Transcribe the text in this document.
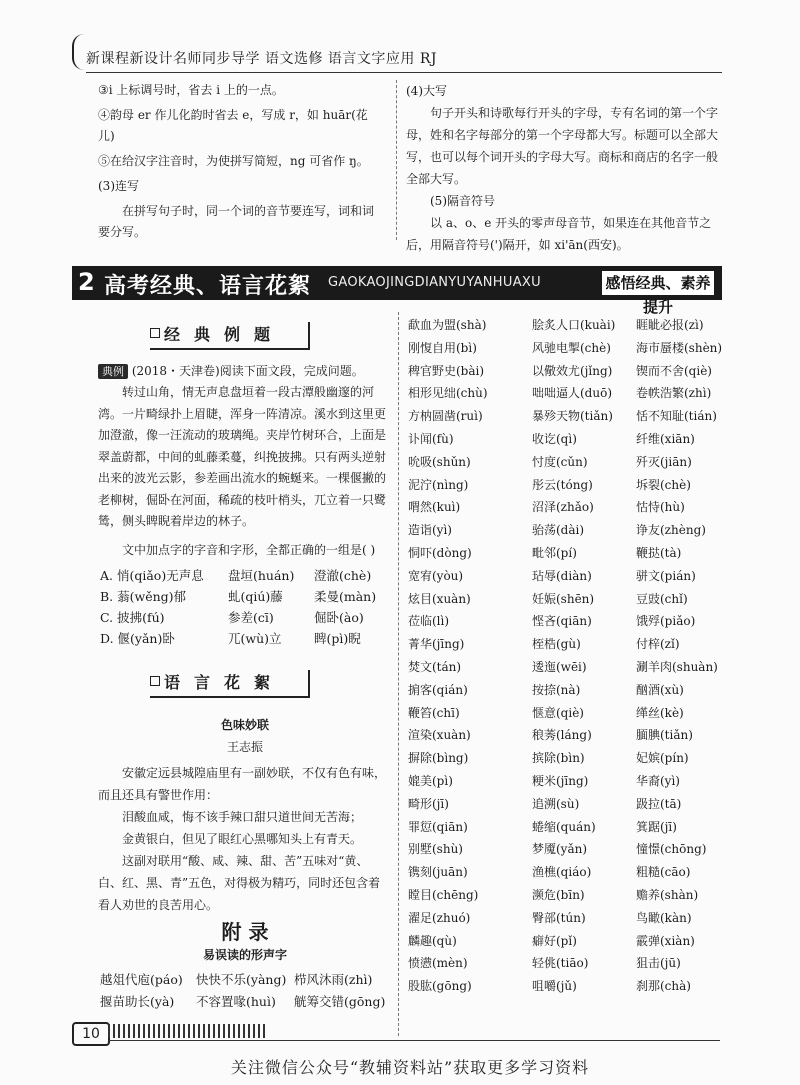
新课程新设计名师同步导学 语文选修 语言文字应用 RJ

③i 上标调号时，省去 i 上的一点。

④韵母 er 作儿化韵时省去 e，写成 r，如 huār(花儿)

⑤在给汉字注音时，为使拼写简短，ng 可省作 ŋ。

(3)连写

在拼写句子时，同一个词的音节要连写，词和词要分写。

(4)大写

句子开头和诗歌每行开头的字母，专有名词的第一个字母，姓和名字每部分的第一个字母都大写。标题可以全部大写，也可以每个词开头的字母大写。商标和商店的名字一般全部大写。

(5)隔音符号

以 a、o、e 开头的零声母音节，如果连在其他音节之后，用隔音符号(')隔开，如 xi'ān(西安)。

2 高考经典、语言花絮 GAOKAOJINGDIANYUYANHUAXU	感悟经典、素养提升
经典例题

典例 (2018・天津卷)阅读下面文段，完成问题。

转过山角，情无声息盘垣着一段古潭般幽邃的河湾。一片畸绿扑上眉睫，浑身一阵清凉。溪水到这里更加澄澈，像一汪流动的玻璃绳。夹岸竹树环合，上面是翠盖蔚都，中间的虬藤柔蔓，纠挽披拂。只有两头逆射出来的波光云影，参差画出流水的蜿蜒来。一棵偃撇的老柳树，倔卧在河面，稀疏的枝叶梢头，兀立着一只鹭鸶，侧头睥睨着岸边的林子。

文中加点字的字音和字形，全都正确的一组是( )

A. 悄(qiǎo)无声息 盘垣(huán) 澄澈(chè)
B. 蓊(wěng)郁	虬(qiú)藤 柔曼(màn)
C. 披拂(fú)	参差(cī)	倔卧(ào)
D. 偃(yǎn)卧	兀(wù)立	睥(pì)睨
语言花絮
色味妙联
王志振

安徽定远县城隍庙里有一副妙联，不仅有色有味，而且还具有警世作用：

泪酸血咸，悔不该手辣口甜只道世间无苦海；

金黄银白，但见了眼红心黑哪知头上有青天。

这副对联用“酸、咸、辣、甜、苦”五味对“黄、白、红、黑、青”五色，对得极为精巧，同时还包含着看人劝世的良苦用心。

附 录
易误读的形声字
越俎代庖(páo) 快快不乐(yàng) 栉风沐雨(zhì)
揠苗助长(yà) 不容置喙(huì) 觥筹交错(gōng)
歃血为盟(shà)	脍炙人口(kuài) 睚眦必报(zì)
刚愎自用(bì)	风驰电掣(chè) 海市蜃楼(shèn)
稗官野史(bài)	以儆效尤(jǐng) 锲而不舍(qiè)
相形见绌(chù)	咄咄逼人(duō) 卷帙浩繁(zhì)
方枘圆凿(ruì)	暴殄天物(tiǎn) 恬不知耻(tián)
讣闻(fù)	收讫(qì)	纤维(xiān)
吮吸(shǔn)	忖度(cǔn)	歼灭(jiān)
泥泞(nìng)	彤云(tóng)	坼裂(chè)
喟然(kuì)	沼泽(zhǎo)	怙恃(hù)
造诣(yì)	骀荡(dài)	诤友(zhèng)
恫吓(dòng)	毗邻(pí)	鞭挞(tà)
宽宥(yòu)	玷辱(diàn)	骈文(pián)
炫目(xuàn)	妊娠(shēn)	豆豉(chǐ)
莅临(lì)	悭吝(qiān)	饿殍(piǎo)
菁华(jīng)	桎梏(gù)	付梓(zǐ)
焚文(tán)	逶迤(wēi)	涮羊肉(shuàn)
掮客(qián)	按捺(nà)	酗酒(xù)
鞭笞(chī)	惬意(qiè)	缂丝(kè)
渲染(xuàn)	稂莠(láng)	腼腆(tiǎn)
摒除(bìng)	摈除(bìn)	妃嫔(pín)
媲美(pì)	粳米(jīng)	华裔(yì)
畸形(jī)	追溯(sù)	趿拉(tā)
罪愆(qiān)	蜷缩(quán)	箕踞(jī)
别墅(shù)	梦魇(yǎn)	憧憬(chōng)
镌刻(juān)	渔樵(qiáo)	粗糙(cāo)
瞠目(chēng)	濒危(bīn)	赡养(shàn)
濯足(zhuó)	臀部(tún)	鸟瞰(kàn)
麟趣(qù)	癖好(pǐ)	霰弹(xiàn)
愤懑(mèn)	轻佻(tiāo)	狙击(jū)
股肱(gōng)	咀嚼(jǔ)	刹那(chà)
10
关注微信公众号“教辅资料站”获取更多学习资料
